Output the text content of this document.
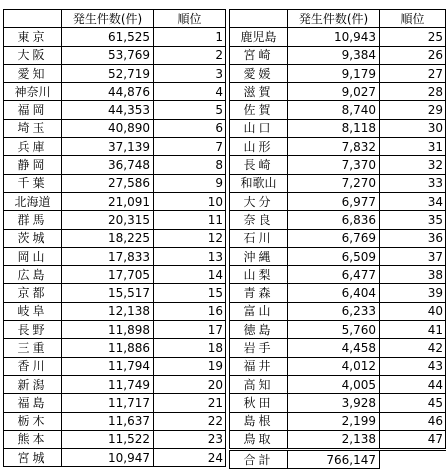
	発生件数(件)	順位
東京	61,525	1
大阪	53,769	2
愛知	52,719	3
神奈川	44,876	4
福岡	44,353	5
埼玉	40,890	6
兵庫	37,139	7
静岡	36,748	8
千葉	27,586	9
北海道	21,091	10
群馬	20,315	11
茨城	18,225	12
岡山	17,833	13
広島	17,705	14
京都	15,517	15
岐阜	12,138	16
長野	11,898	17
三重	11,886	18
香川	11,794	19
新潟	11,749	20
福島	11,717	21
栃木	11,637	22
熊本	11,522	23
宮城	10,947	24
	発生件数(件)	順位
鹿児島	10,943	25
宮崎	9,384	26
愛媛	9,179	27
滋賀	9,027	28
佐賀	8,740	29
山口	8,118	30
山形	7,832	31
長崎	7,370	32
和歌山	7,270	33
大分	6,977	34
奈良	6,836	35
石川	6,769	36
沖縄	6,509	37
山梨	6,477	38
青森	6,404	39
富山	6,233	40
徳島	5,760	41
岩手	4,458	42
福井	4,012	43
高知	4,005	44
秋田	3,928	45
島根	2,199	46
鳥取	2,138	47
合計	766,147	
